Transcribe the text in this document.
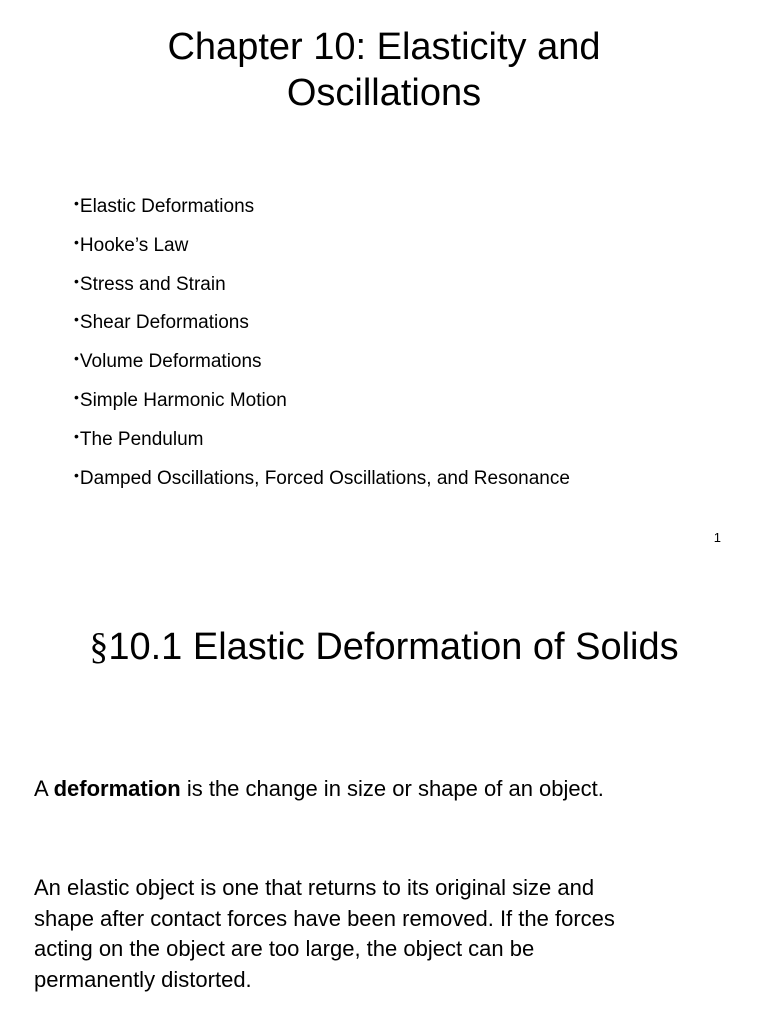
Chapter 10: Elasticity and
Oscillations
•Elastic Deformations
•Hooke’s Law
•Stress and Strain
•Shear Deformations
•Volume Deformations
•Simple Harmonic Motion
•The Pendulum
•Damped Oscillations, Forced Oscillations, and Resonance
1
§10.1 Elastic Deformation of Solids

A deformation is the change in size or shape of an object.

An elastic object is one that returns to its original size and
shape after contact forces have been removed. If the forces
acting on the object are too large, the object can be
permanently distorted.
